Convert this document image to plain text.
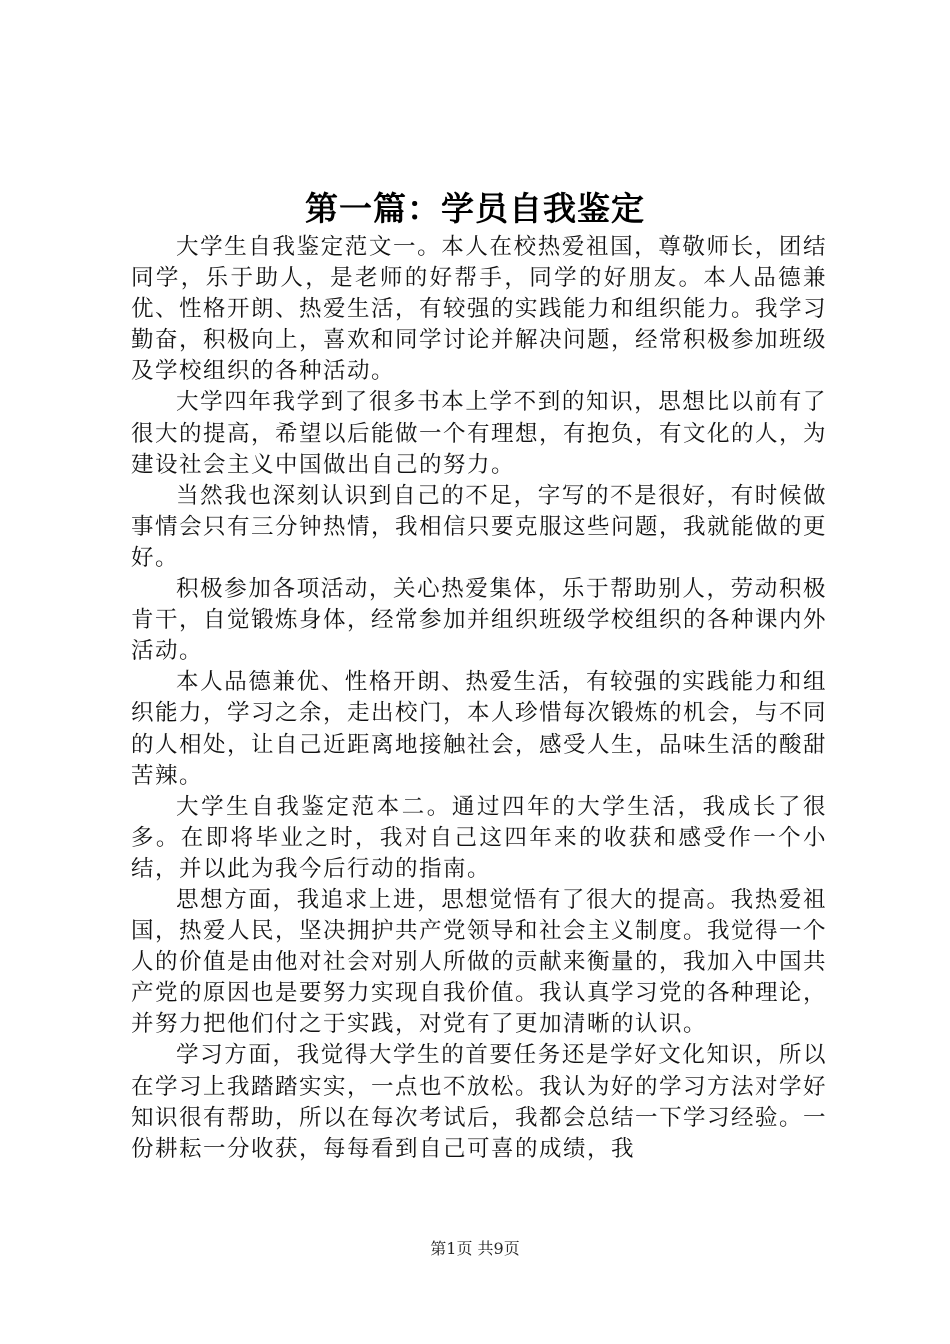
第一篇：学员自我鉴定

大学生自我鉴定范文一。本人在校热爱祖国，尊敬师长，团结同学，乐于助人，是老师的好帮手，同学的好朋友。本人品德兼优、性格开朗、热爱生活，有较强的实践能力和组织能力。我学习勤奋，积极向上，喜欢和同学讨论并解决问题，经常积极参加班级及学校组织的各种活动。

大学四年我学到了很多书本上学不到的知识，思想比以前有了很大的提高，希望以后能做一个有理想，有抱负，有文化的人，为建设社会主义中国做出自己的努力。

当然我也深刻认识到自己的不足，字写的不是很好，有时候做事情会只有三分钟热情，我相信只要克服这些问题，我就能做的更好。

积极参加各项活动，关心热爱集体，乐于帮助别人，劳动积极肯干，自觉锻炼身体，经常参加并组织班级学校组织的各种课内外活动。

本人品德兼优、性格开朗、热爱生活，有较强的实践能力和组织能力，学习之余，走出校门，本人珍惜每次锻炼的机会，与不同的人相处，让自己近距离地接触社会，感受人生，品味生活的酸甜苦辣。

大学生自我鉴定范本二。通过四年的大学生活，我成长了很多。在即将毕业之时，我对自己这四年来的收获和感受作一个小结，并以此为我今后行动的指南。

思想方面，我追求上进，思想觉悟有了很大的提高。我热爱祖国，热爱人民，坚决拥护共产党领导和社会主义制度。我觉得一个人的价值是由他对社会对别人所做的贡献来衡量的，我加入中国共产党的原因也是要努力实现自我价值。我认真学习党的各种理论，并努力把他们付之于实践，对党有了更加清晰的认识。

学习方面，我觉得大学生的首要任务还是学好文化知识，所以在学习上我踏踏实实，一点也不放松。我认为好的学习方法对学好知识很有帮助，所以在每次考试后，我都会总结一下学习经验。一份耕耘一分收获，每每看到自己可喜的成绩，我

第1页 共9页
